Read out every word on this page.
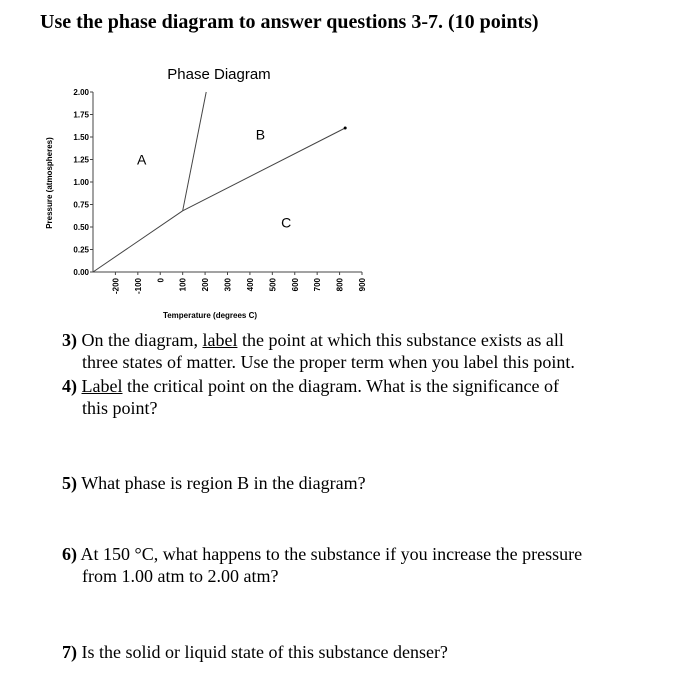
Use the phase diagram to answer questions 3-7. (10 points)
Phase Diagram
0.00
0.25
0.50
0.75
1.00
1.25
1.50
1.75
2.00
-200 -100 0 100 200 300 400 500 600 700 800 900
A
B
C
Temperature (degrees C)
Pressure (atmospheres)
3) On the diagram, label the point at which this substance exists as all
three states of matter. Use the proper term when you label this point.
4) Label the critical point on the diagram. What is the significance of
this point?
5) What phase is region B in the diagram?
6) At 150 °C, what happens to the substance if you increase the pressure
from 1.00 atm to 2.00 atm?
7) Is the solid or liquid state of this substance denser?
